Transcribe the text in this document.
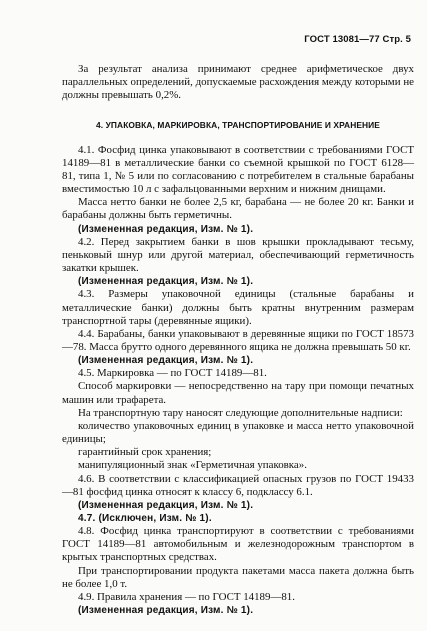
ГОСТ 13081—77 Стр. 5

За результат анализа принимают среднее арифметическое двух параллельных определений, допускаемые расхождения между которыми не должны превышать 0,2%.

4. УПАКОВКА, МАРКИРОВКА, ТРАНСПОРТИРОВАНИЕ И ХРАНЕНИЕ

4.1. Фосфид цинка упаковывают в соответствии с требованиями ГОСТ 14189—81 в металлические банки со съемной крышкой по ГОСТ 6128—81, типа 1, № 5 или по согласованию с потребителем в стальные барабаны вместимостью 10 л с зафальцованными верхним и нижним днищами.

Масса нетто банки не более 2,5 кг, барабана — не более 20 кг. Банки и барабаны должны быть герметичны.

(Измененная редакция, Изм. № 1).

4.2. Перед закрытием банки в шов крышки прокладывают тесьму, пеньковый шнур или другой материал, обеспечивающий герметичность закатки крышек.

(Измененная редакция, Изм. № 1).

4.3. Размеры упаковочной единицы (стальные барабаны и металлические банки) должны быть кратны внутренним размерам транспортной тары (деревянные ящики).

4.4. Барабаны, банки упаковывают в деревянные ящики по ГОСТ 18573—78. Масса брутто одного деревянного ящика не должна превышать 50 кг.

(Измененная редакция, Изм. № 1).

4.5. Маркировка — по ГОСТ 14189—81.

Способ маркировки — непосредственно на тару при помощи печатных машин или трафарета.

На транспортную тару наносят следующие дополнительные надписи:

количество упаковочных единиц в упаковке и масса нетто упаковочной единицы;

гарантийный срок хранения;

манипуляционный знак «Герметичная упаковка».

4.6. В соответствии с классификацией опасных грузов по ГОСТ 19433—81 фосфид цинка относят к классу 6, подклассу 6.1.

(Измененная редакция, Изм. № 1).

4.7. (Исключен, Изм. № 1).

4.8. Фосфид цинка транспортируют в соответствии с требованиями ГОСТ 14189—81 автомобильным и железнодорожным транспортом в крытых транспортных средствах.

При транспортировании продукта пакетами масса пакета должна быть не более 1,0 т.

4.9. Правила хранения — по ГОСТ 14189—81.

(Измененная редакция, Изм. № 1).
